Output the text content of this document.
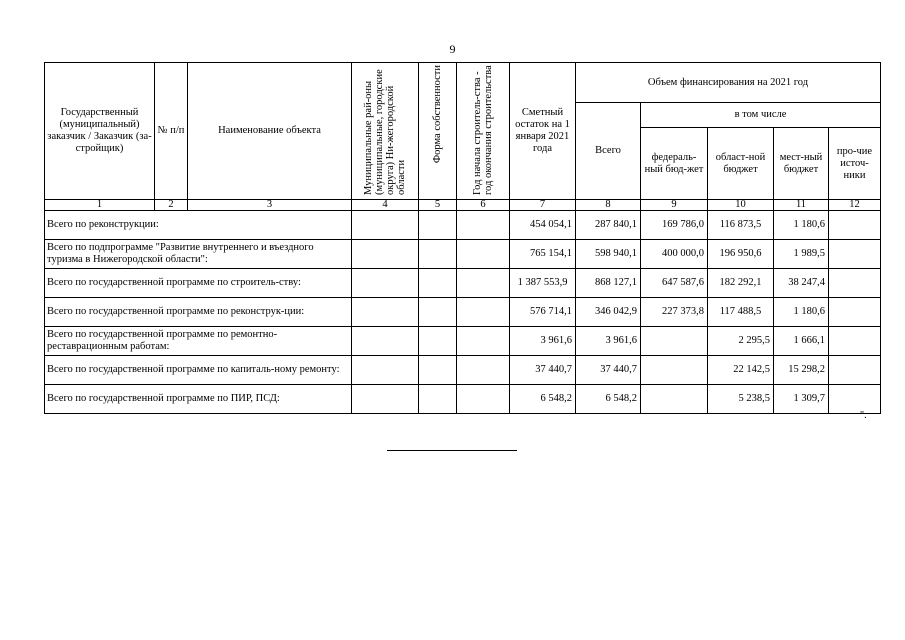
9
Государственный (муниципальный) заказчик / Заказчик (за-стройщик)	№ п/п	Наименование объекта	Муниципальные рай-оны (муниципальные, городские округа) Ни-жегородской области	Форма собственности	Год начала строитель-ства - год окончания строительства	Сметный остаток на 1 января 2021 года	Объем финансирования на 2021 год				
							Всего	в том числе			
								федераль-ный бюд-жет	област-ной бюджет	мест-ный бюджет	про-чие источ-ники
1	2	3	4	5	6	7	8	9	10	11	12
Всего по реконструкции:						454 054,1	287 840,1	169 786,0	116 873,5	1 180,6	
Всего по подпрограмме "Развитие внутреннего и въездного туризма в Нижегородской области":						765 154,1	598 940,1	400 000,0	196 950,6	1 989,5	
Всего по государственной программе по строитель-ству:						1 387 553,9	868 127,1	647 587,6	182 292,1	38 247,4	
Всего по государственной программе по реконструк-ции:						576 714,1	346 042,9	227 373,8	117 488,5	1 180,6	
Всего по государственной программе по ремонтно-реставрационным работам:						3 961,6	3 961,6		2 295,5	1 666,1	
Всего по государственной программе по капиталь-ному ремонту:						37 440,7	37 440,7		22 142,5	15 298,2	
Всего по государственной программе по ПИР, ПСД:						6 548,2	6 548,2		5 238,5	1 309,7	
".
